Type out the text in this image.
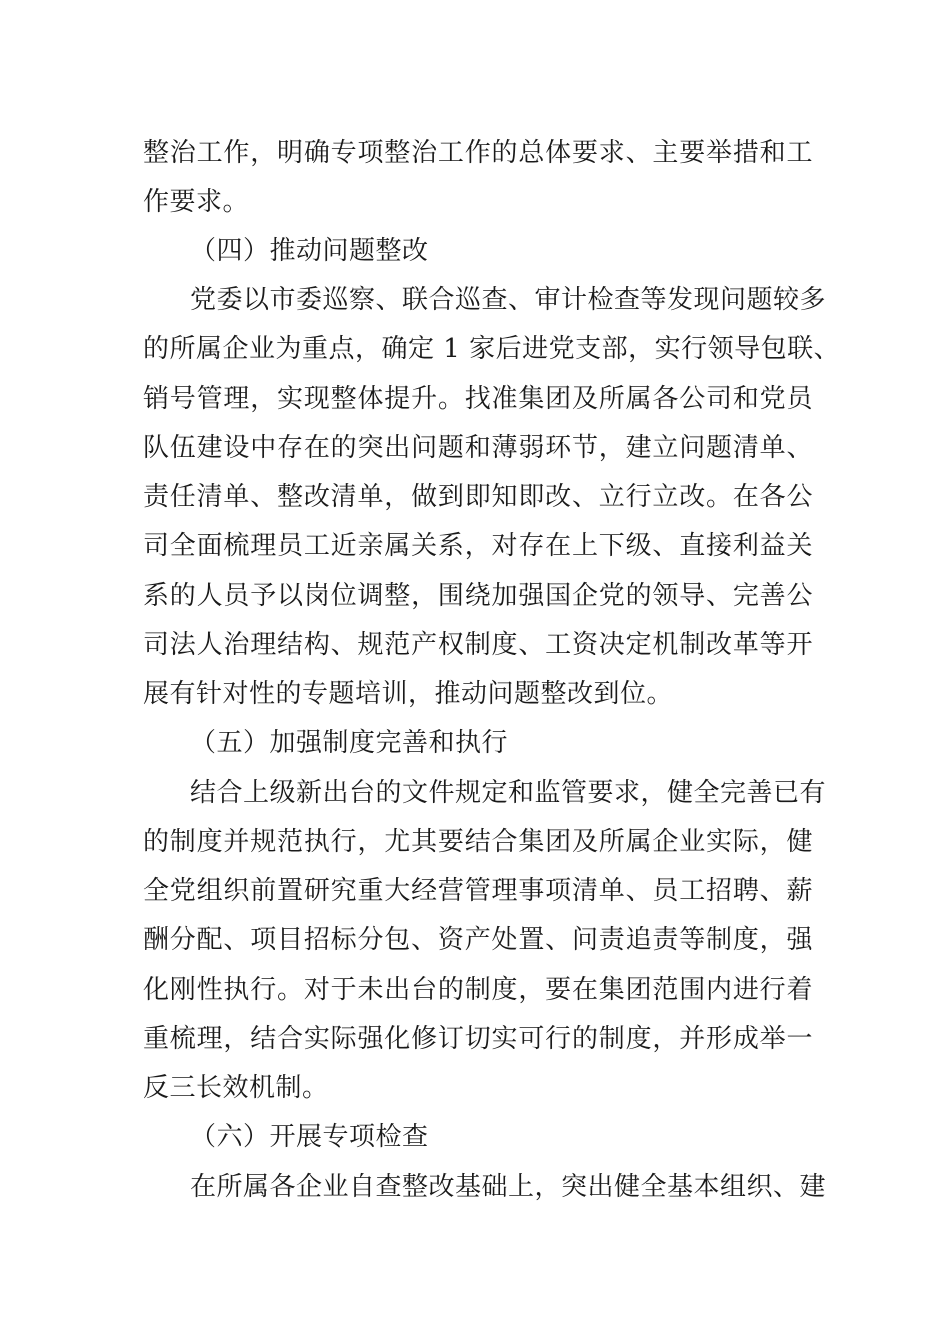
整治工作，明确专项整治工作的总体要求、主要举措和工
作要求。
（四）推动问题整改
党委以市委巡察、联合巡查、审计检查等发现问题较多
的所属企业为重点，确定 1 家后进党支部，实行领导包联、
销号管理，实现整体提升。找准集团及所属各公司和党员
队伍建设中存在的突出问题和薄弱环节，建立问题清单、
责任清单、整改清单，做到即知即改、立行立改。在各公
司全面梳理员工近亲属关系，对存在上下级、直接利益关
系的人员予以岗位调整，围绕加强国企党的领导、完善公
司法人治理结构、规范产权制度、工资决定机制改革等开
展有针对性的专题培训，推动问题整改到位。
（五）加强制度完善和执行
结合上级新出台的文件规定和监管要求，健全完善已有
的制度并规范执行，尤其要结合集团及所属企业实际，健
全党组织前置研究重大经营管理事项清单、员工招聘、薪
酬分配、项目招标分包、资产处置、问责追责等制度，强
化刚性执行。对于未出台的制度，要在集团范围内进行着
重梳理，结合实际强化修订切实可行的制度，并形成举一
反三长效机制。
（六）开展专项检查
在所属各企业自查整改基础上，突出健全基本组织、建
